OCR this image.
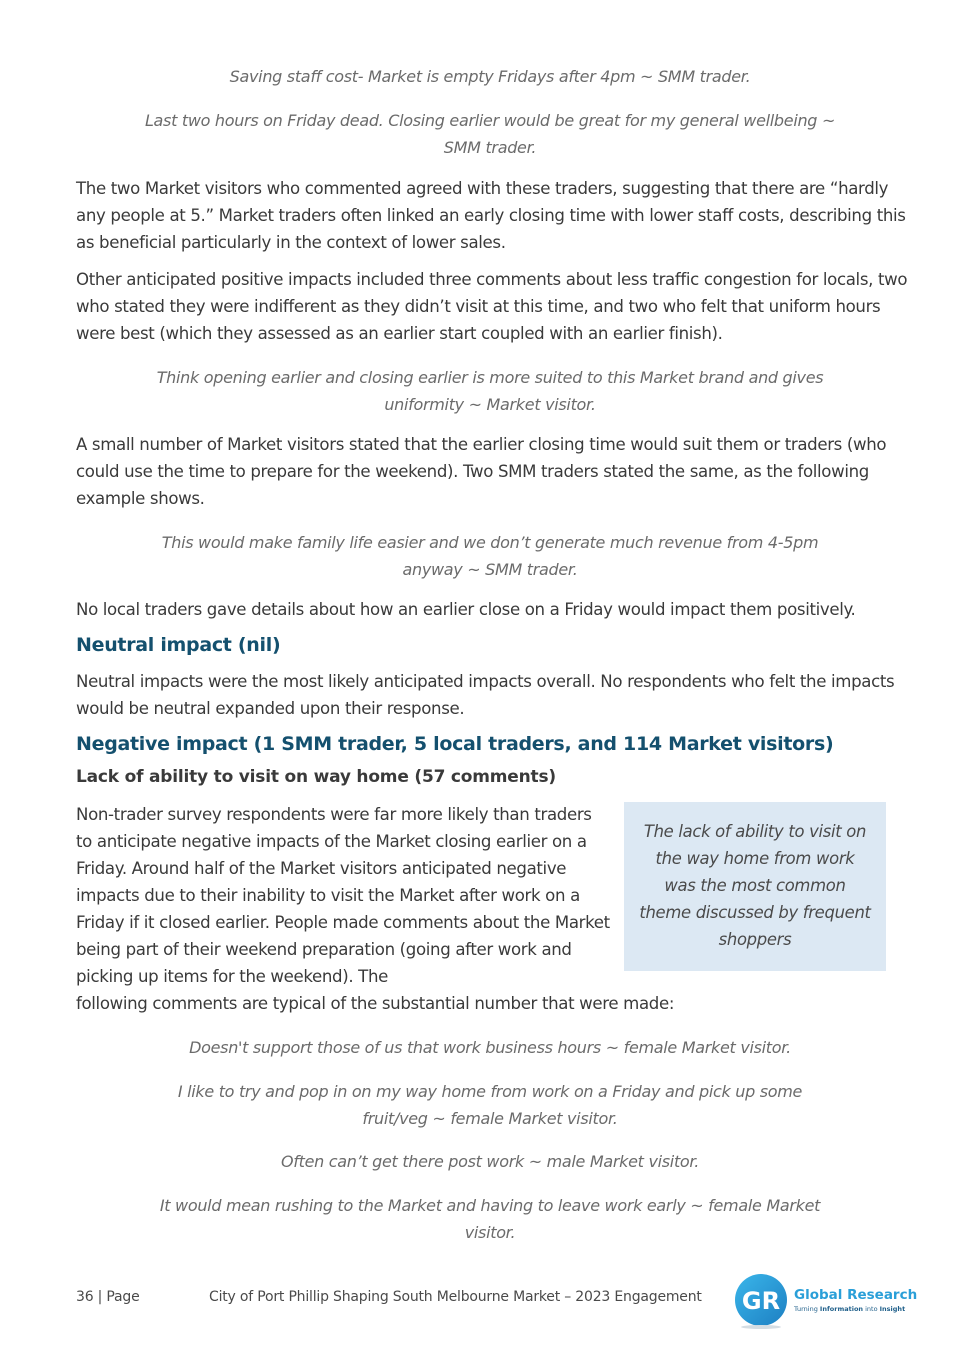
Saving staff cost- Market is empty Fridays after 4pm ~ SMM trader.
Last two hours on Friday dead. Closing earlier would be great for my general wellbeing ~
SMM trader.
The two Market visitors who commented agreed with these traders, suggesting that there are “hardly any people at 5.” Market traders often linked an early closing time with lower staff costs, describing this as beneficial particularly in the context of lower sales.
Other anticipated positive impacts included three comments about less traffic congestion for locals, two who stated they were indifferent as they didn’t visit at this time, and two who felt that uniform hours were best (which they assessed as an earlier start coupled with an earlier finish).
Think opening earlier and closing earlier is more suited to this Market brand and gives
uniformity ~ Market visitor.
A small number of Market visitors stated that the earlier closing time would suit them or traders (who could use the time to prepare for the weekend). Two SMM traders stated the same, as the following example shows.
This would make family life easier and we don’t generate much revenue from 4-5pm
anyway ~ SMM trader.
No local traders gave details about how an earlier close on a Friday would impact them positively.
Neutral impact (nil)
Neutral impacts were the most likely anticipated impacts overall. No respondents who felt the impacts would be neutral expanded upon their response.
Negative impact (1 SMM trader, 5 local traders, and 114 Market visitors)
Lack of ability to visit on way home (57 comments)
Non-trader survey respondents were far more likely than traders to anticipate negative impacts of the Market closing earlier on a Friday. Around half of the Market visitors anticipated negative impacts due to their inability to visit the Market after work on a Friday if it closed earlier. People made comments about the Market being part of their weekend preparation (going after work and picking up items for the weekend). The
following comments are typical of the substantial number that were made:
The lack of ability to visit on the way home from work was the most common theme discussed by frequent shoppers
Doesn't support those of us that work business hours ~ female Market visitor.
I like to try and pop in on my way home from work on a Friday and pick up some
fruit/veg ~ female Market visitor.
Often can’t get there post work ~ male Market visitor.
It would mean rushing to the Market and having to leave work early ~ female Market
visitor.
36 | Page	City of Port Phillip Shaping South Melbourne Market – 2023 Engagement GR Global Research
Turning Information into Insight
